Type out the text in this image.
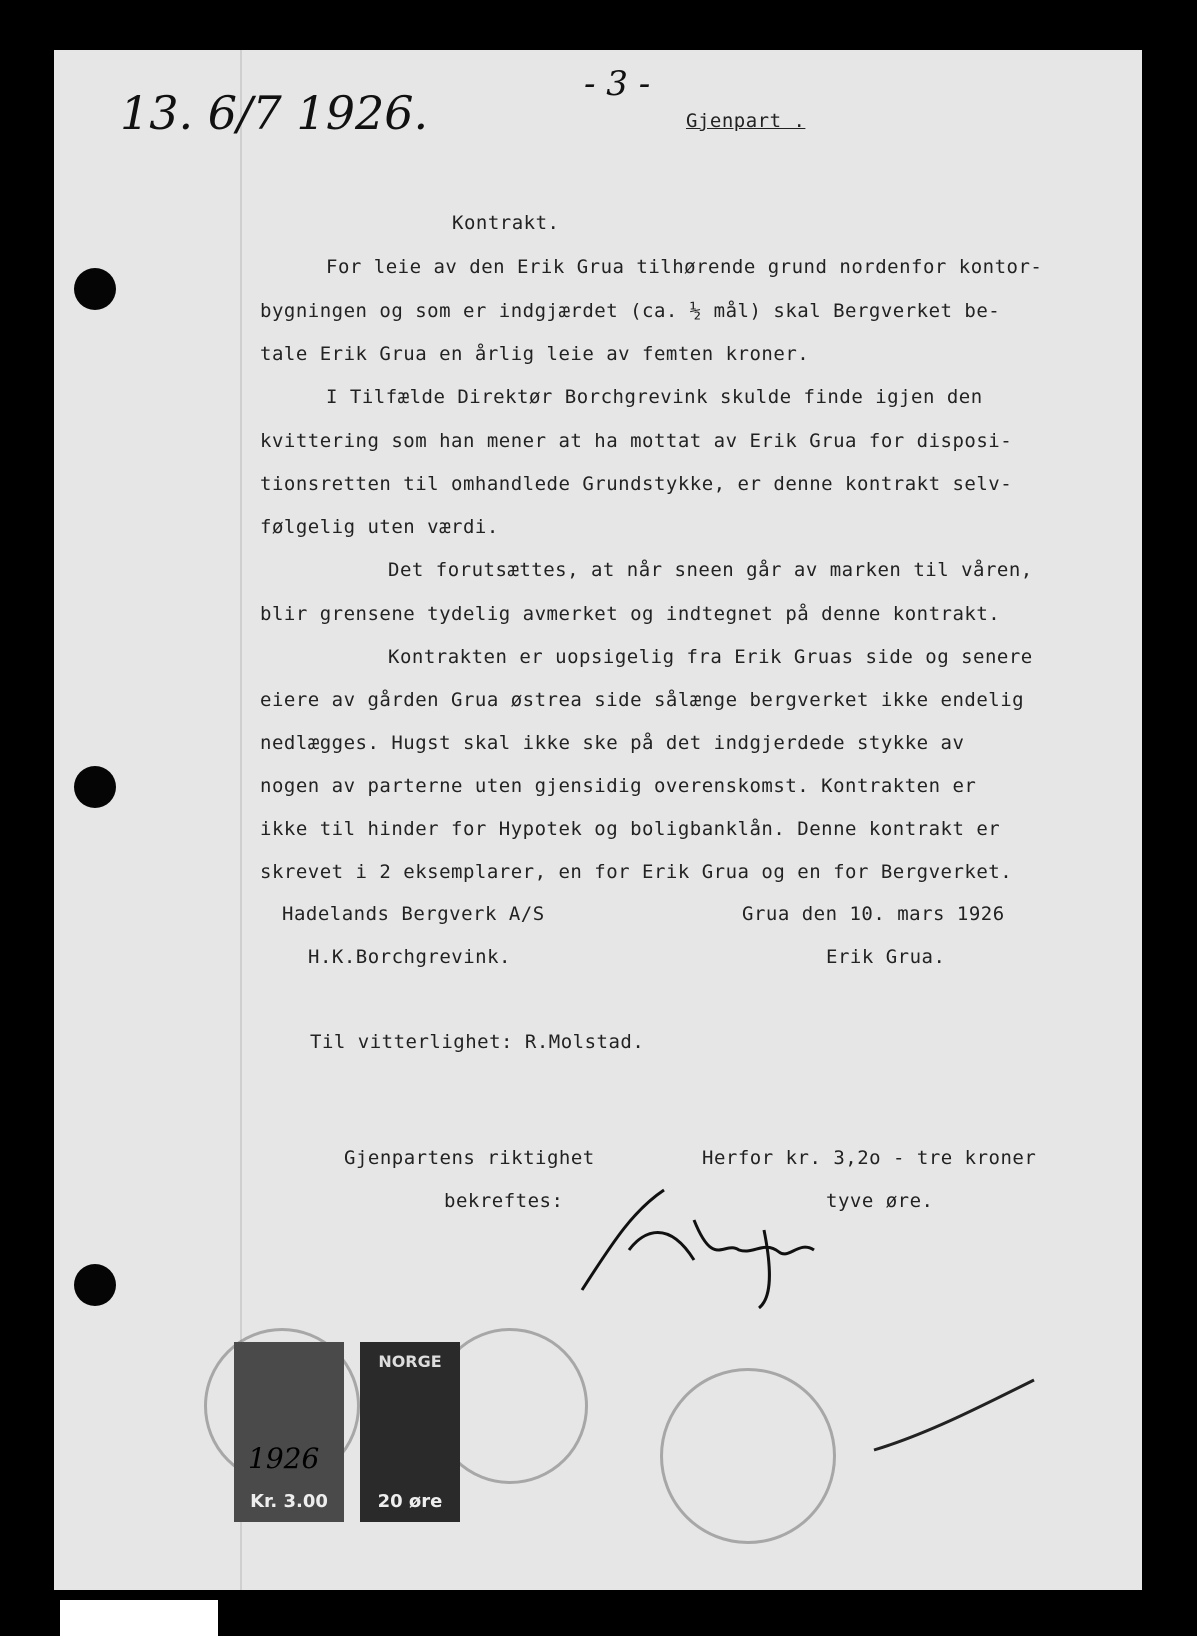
13. 6/7 1926.
- 3 -
Gjenpart .
Kontrakt.
For leie av den Erik Grua tilhørende grund nordenfor kontor-
bygningen og som er indgjærdet (ca. ½ mål) skal Bergverket be-
tale Erik Grua en årlig leie av femten kroner.
I Tilfælde Direktør Borchgrevink skulde finde igjen den
kvittering som han mener at ha mottat av Erik Grua for disposi-
tionsretten til omhandlede Grundstykke, er denne kontrakt selv-
følgelig uten værdi.
Det forutsættes, at når sneen går av marken til våren,
blir grensene tydelig avmerket og indtegnet på denne kontrakt.
Kontrakten er uopsigelig fra Erik Gruas side og senere
eiere av gården Grua østrea side sålænge bergverket ikke endelig
nedlægges. Hugst skal ikke ske på det indgjerdede stykke av
nogen av parterne uten gjensidig overenskomst. Kontrakten er
ikke til hinder for Hypotek og boligbanklån. Denne kontrakt er
skrevet i 2 eksemplarer, en for Erik Grua og en for Bergverket.
Hadelands Bergverk A/S	Grua den 10. mars 1926
H.K.Borchgrevink.	Erik Grua.
Til vitterlighet: R.Molstad.
Gjenpartens riktighet
bekreftes:
Herfor kr. 3,2o - tre kroner
tyve øre.
1926
Kr. 3.00
NORGE
20 øre
